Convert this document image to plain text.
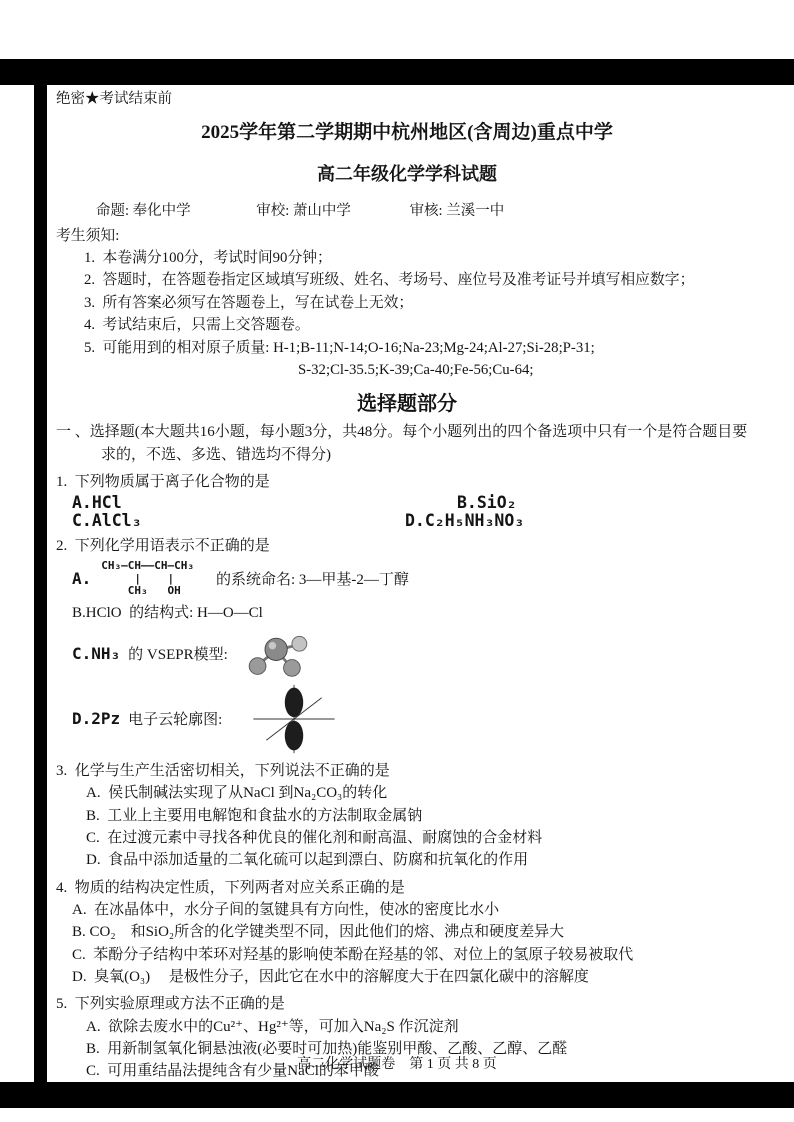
绝密★考试结束前
2025学年第二学期期中杭州地区(含周边)重点中学
高二年级化学学科试题
命题: 奉化中学	审校: 萧山中学	审核: 兰溪一中
考生须知:
1.  本卷满分100分，考试时间90分钟；
2.  答题时，在答题卷指定区域填写班级、姓名、考场号、座位号及准考证号并填写相应数字；
3.  所有答案必须写在答题卷上，写在试卷上无效；
4.  考试结束后，只需上交答题卷。
5.  可能用到的相对原子质量: H-1;B-11;N-14;O-16;Na-23;Mg-24;Al-27;Si-28;P-31;
S-32;Cl-35.5;K-39;Ca-40;Fe-56;Cu-64;
选择题部分

一 、选择题(本大题共16小题，每小题3分，共48分。每个小题列出的四个备选项中只有一个是符合题目要求的，不选、多选、错选均不得分)

1.  下列物质属于离子化合物的是
A.HCl	B.SiO₂
C.AlCl₃	D.C₂H₅NH₃NO₃
2.  下列化学用语表示不正确的是
A.
CH₃—CH——CH—CH₃
|    |
CH₃   OH
的系统命名: 3—甲基-2—丁醇
B.HClO  的结构式: H—O—Cl
C.NH₃ 的 VSEPR模型:
D.2Pz 电子云轮廓图:
3.  化学与生产生活密切相关，下列说法不正确的是
A.  侯氏制碱法实现了从NaCl 到Na₂CO₃的转化
B.  工业上主要用电解饱和食盐水的方法制取金属钠
C.  在过渡元素中寻找各种优良的催化剂和耐高温、耐腐蚀的合金材料
D.  食品中添加适量的二氧化硫可以起到漂白、防腐和抗氧化的作用
4.  物质的结构决定性质，下列两者对应关系正确的是
A.  在冰晶体中，水分子间的氢键具有方向性，使冰的密度比水小
B. CO₂　和SiO₂所含的化学键类型不同，因此他们的熔、沸点和硬度差异大
C.  苯酚分子结构中苯环对羟基的影响使苯酚在羟基的邻、对位上的氢原子较易被取代
D.  臭氧(O₃)　 是极性分子，因此它在水中的溶解度大于在四氯化碳中的溶解度
5.  下列实验原理或方法不正确的是
A.  欲除去废水中的Cu²⁺、Hg²⁺等，可加入Na₂S 作沉淀剂
B.  用新制氢氧化铜悬浊液(必要时可加热)能鉴别甲酸、乙酸、乙醇、乙醛
C.  可用重结晶法提纯含有少量NaCl的苯甲酸
高二化学试题卷　第 1 页 共 8 页
